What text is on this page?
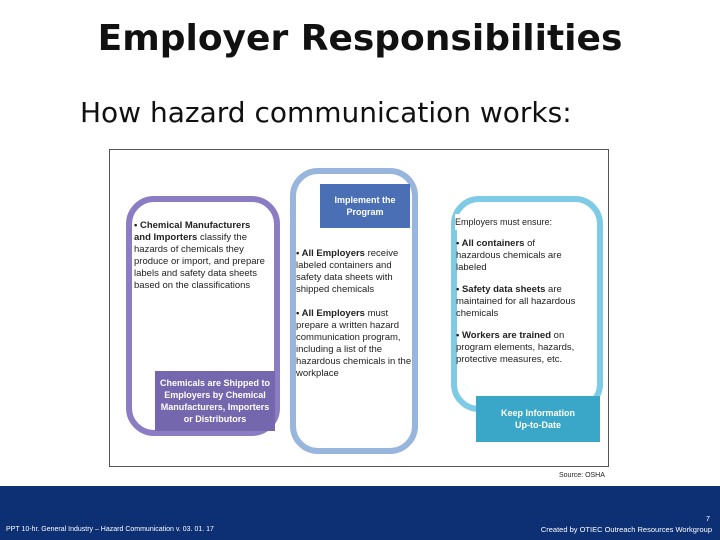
Employer Responsibilities
How hazard communication works:
Implement the
Program
Chemicals are Shipped to
Employers by Chemical
Manufacturers, Importers
or Distributors
Keep Information
Up-to-Date
Employers must ensure:
• Chemical Manufacturers and Importers classify the hazards of chemicals they produce or import, and prepare labels and safety data sheets based on the classifications
• All Employers receive labeled containers and safety data sheets with shipped chemicals
• All Employers must prepare a written hazard communication program, including a list of the hazardous chemicals in the workplace
• All containers of hazardous chemicals are labeled
• Safety data sheets are maintained for all hazardous chemicals
• Workers are trained on program elements, hazards, protective measures, etc.
Source: OSHA
7
PPT 10-hr. General Industry – Hazard Communication v. 03. 01. 17	Created by OTIEC Outreach Resources Workgroup
